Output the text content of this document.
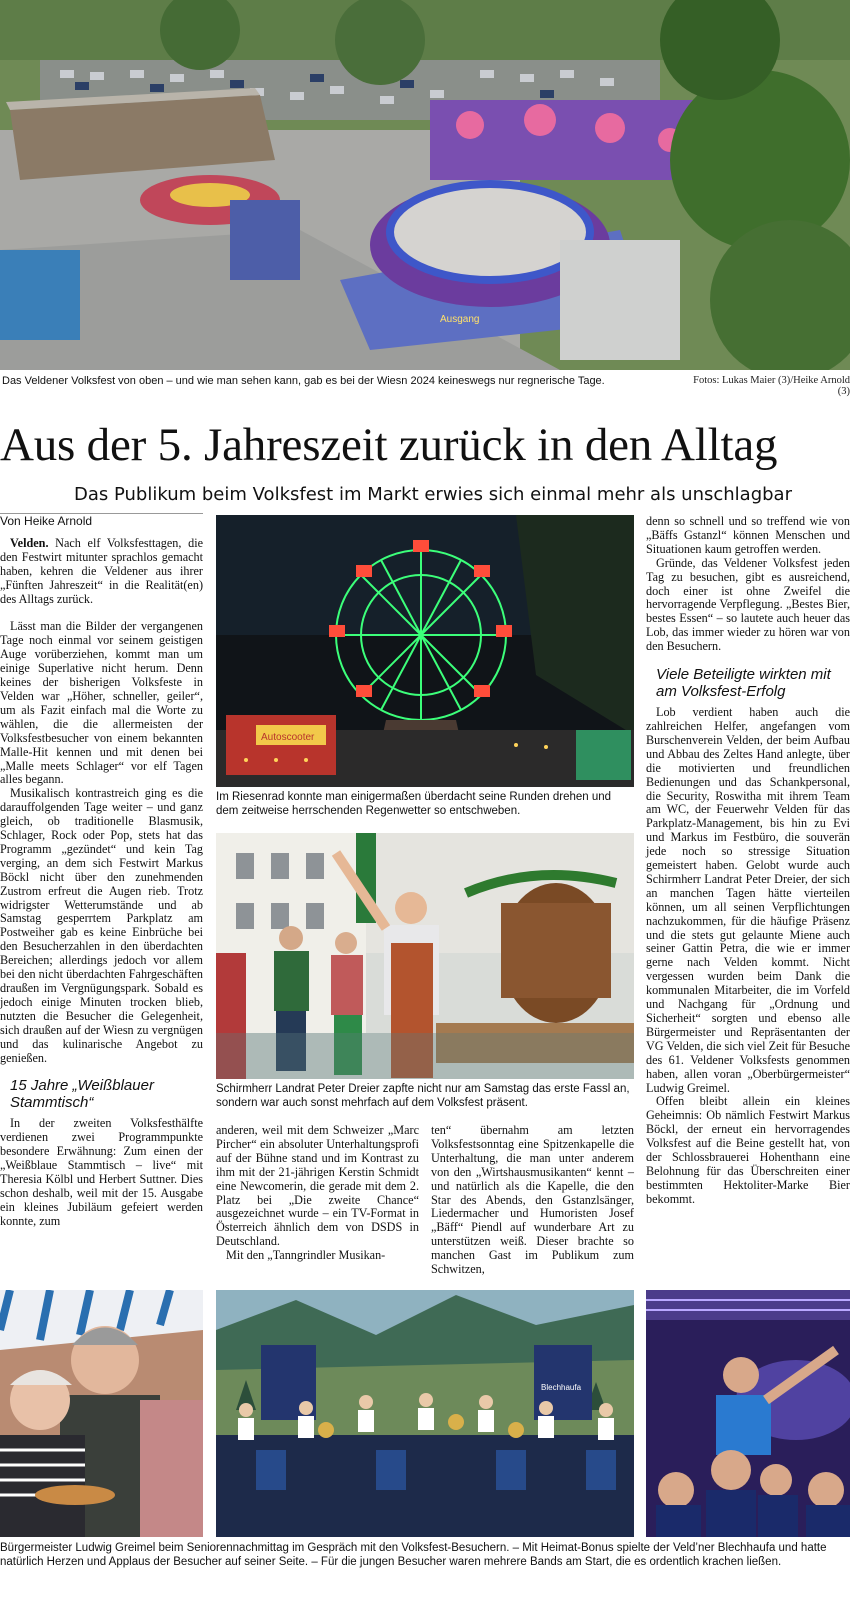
Ausgang
Das Veldener Volksfest von oben – und wie man sehen kann, gab es bei der Wiesn 2024 keineswegs nur regnerische Tage.	Fotos: Lukas Maier (3)/Heike Arnold (3)
Aus der 5. Jahreszeit zurück in den Alltag
Das Publikum beim Volksfest im Markt erwies sich einmal mehr als unschlagbar
Von Heike Arnold

Velden. Nach elf Volksfesttagen, die den Festwirt mitunter sprachlos gemacht haben, kehren die Veldener aus ihrer „Fünften Jahreszeit“ in die Realität(en) des Alltags zurück.

Lässt man die Bilder der vergangenen Tage noch einmal vor seinem geistigen Auge vorüberziehen, kommt man um einige Superlative nicht herum. Denn keines der bisherigen Volksfeste in Velden war „Höher, schneller, geiler“, um als Fazit einfach mal die Worte zu wählen, die die allermeisten der Volksfestbesucher von einem bekannten Malle-Hit kennen und mit denen bei „Malle meets Schlager“ vor elf Tagen alles begann.

Musikalisch kontrastreich ging es die darauffolgenden Tage weiter – und ganz gleich, ob traditionelle Blasmusik, Schlager, Rock oder Pop, stets hat das Programm „gezündet“ und kein Tag verging, an dem sich Festwirt Markus Böckl nicht über den zunehmenden Zustrom erfreut die Augen rieb. Trotz widrigster Wetterumstände und ab Samstag gesperrtem Parkplatz am Postweiher gab es keine Einbrüche bei den Besucherzahlen in den überdachten Bereichen; allerdings jedoch vor allem bei den nicht überdachten Fahrgeschäften draußen im Vergnügungspark. Sobald es jedoch einige Minuten trocken blieb, nutzten die Besucher die Gelegenheit, sich draußen auf der Wiesn zu vergnügen und das kulinarische Angebot zu genießen.

15 Jahre „Weißblauer Stammtisch“

In der zweiten Volksfesthälfte verdienen zwei Programmpunkte besondere Erwähnung: Zum einen der „Weißblaue Stammtisch – live“ mit Theresia Kölbl und Herbert Suttner. Dies schon deshalb, weil mit der 15. Ausgabe ein kleines Jubiläum gefeiert werden konnte, zum

Autoscooter
Im Riesenrad konnte man einigermaßen überdacht seine Runden drehen und dem zeitweise herrschenden Regenwetter so entschweben.
Schirmherr Landrat Peter Dreier zapfte nicht nur am Samstag das erste Fassl an, sondern war auch sonst mehrfach auf dem Volksfest präsent.

anderen, weil mit dem Schweizer „Marc Pircher“ ein absoluter Unterhaltungsprofi auf der Bühne stand und im Kontrast zu ihm mit der 21-jährigen Kerstin Schmidt eine Newcomerin, die gerade mit dem 2. Platz bei „Die zweite Chance“ ausgezeichnet wurde – ein TV-Format in Österreich ähnlich dem von DSDS in Deutschland.

Mit den „Tanngrindler Musikan-

ten“ übernahm am letzten Volksfestsonntag eine Spitzenkapelle die Unterhaltung, die man unter anderem von den „Wirtshausmusikanten“ kennt – und natürlich als die Kapelle, die den Star des Abends, den Gstanzlsänger, Liedermacher und Humoristen Josef „Bäff“ Piendl auf wunderbare Art zu unterstützen weiß. Dieser brachte so manchen Gast im Publikum zum Schwitzen,

denn so schnell und so treffend wie von „Bäffs Gstanzl“ können Menschen und Situationen kaum getroffen werden.

Gründe, das Veldener Volksfest jeden Tag zu besuchen, gibt es ausreichend, doch einer ist ohne Zweifel die hervorragende Verpflegung. „Bestes Bier, bestes Essen“ – so lautete auch heuer das Lob, das immer wieder zu hören war von den Besuchern.

Viele Beteiligte wirkten mit am Volksfest-Erfolg

Lob verdient haben auch die zahlreichen Helfer, angefangen vom Burschenverein Velden, der beim Aufbau und Abbau des Zeltes Hand anlegte, über die motivierten und freundlichen Bedienungen und das Schankpersonal, die Security, Roswitha mit ihrem Team am WC, der Feuerwehr Velden für das Parkplatz-Management, bis hin zu Evi und Markus im Festbüro, die souverän jede noch so stressige Situation gemeistert haben. Gelobt wurde auch Schirmherr Landrat Peter Dreier, der sich an manchen Tagen hätte vierteilen können, um all seinen Verpflichtungen nachzukommen, für die häufige Präsenz und die stets gut gelaunte Miene auch seiner Gattin Petra, die wie er immer gerne nach Velden kommt. Nicht vergessen wurden beim Dank die kommunalen Mitarbeiter, die im Vorfeld und Nachgang für „Ordnung und Sicherheit“ sorgten und ebenso alle Bürgermeister und Repräsentanten der VG Velden, die sich viel Zeit für Besuche des 61. Veldener Volksfests genommen haben, allen voran „Oberbürgermeister“ Ludwig Greimel.

Offen bleibt allein ein kleines Geheimnis: Ob nämlich Festwirt Markus Böckl, der erneut ein hervorragendes Volksfest auf die Beine gestellt hat, von der Schlossbrauerei Hohenthann eine Belohnung für das Überschreiten einer bestimmten Hektoliter-Marke Bier bekommt.

Blechhaufa
Bürgermeister Ludwig Greimel beim Seniorennachmittag im Gespräch mit den Volksfest-Besuchern. – Mit Heimat-Bonus spielte der Veld’ner Blechhaufa und hatte natürlich Herzen und Applaus der Besucher auf seiner Seite. – Für die jungen Besucher waren mehrere Bands am Start, die es ordentlich krachen ließen.
